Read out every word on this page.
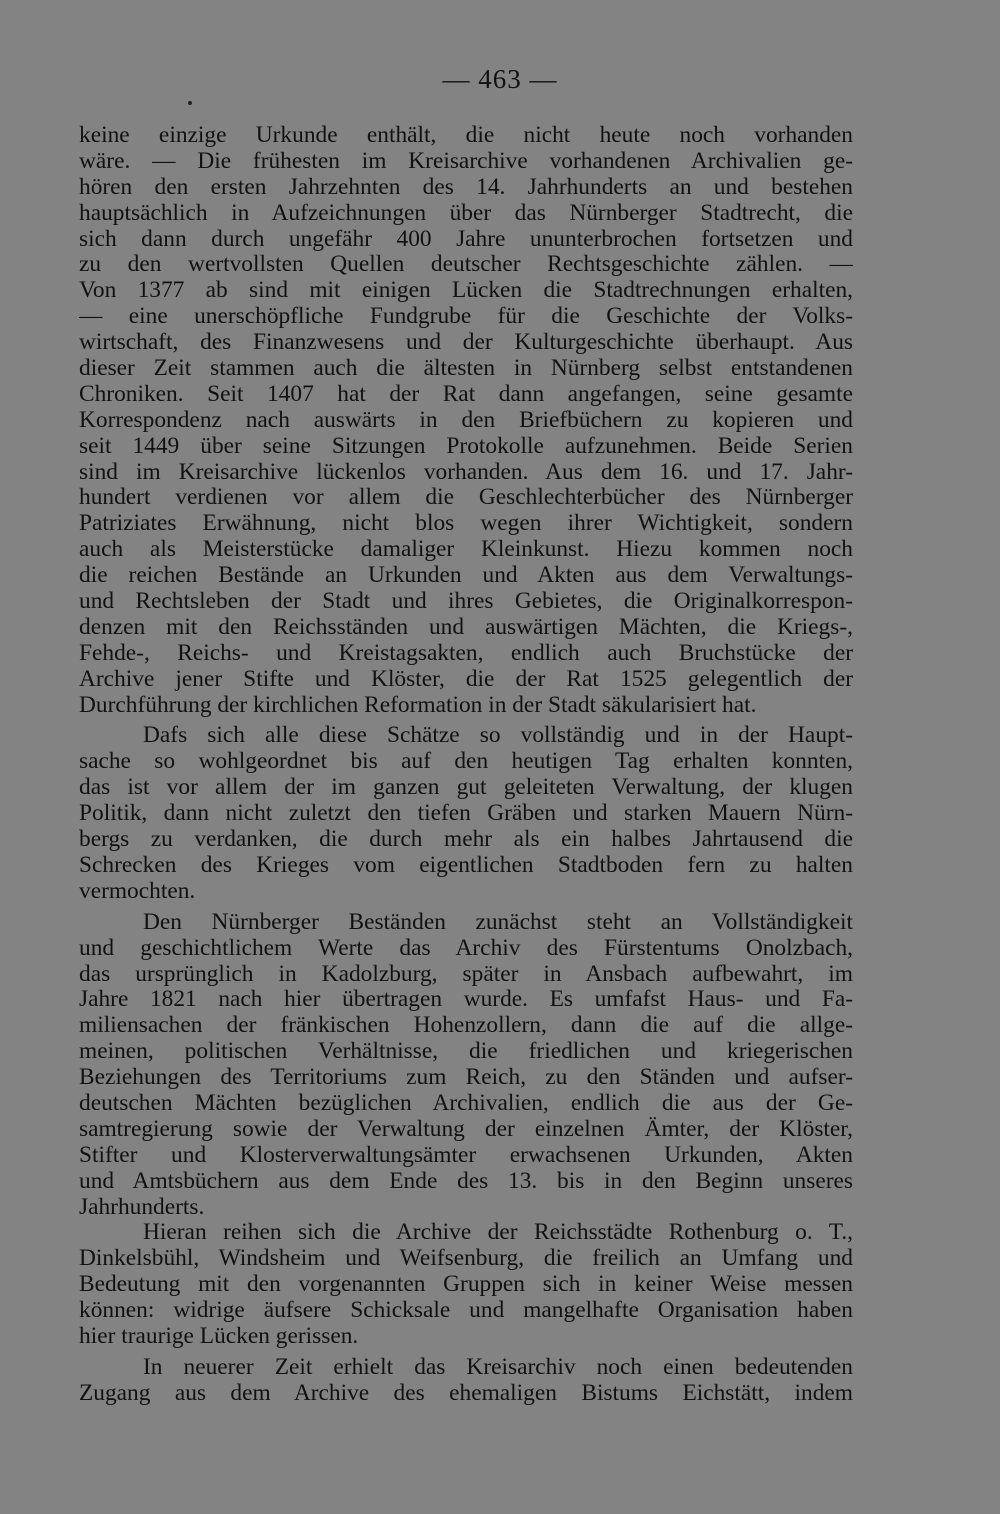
— 463 —
keine einzige Urkunde enthält, die nicht heute noch vorhanden
wäre. — Die frühesten im Kreisarchive vorhandenen Archivalien ge-
hören den ersten Jahrzehnten des 14. Jahrhunderts an und bestehen
hauptsächlich in Aufzeichnungen über das Nürnberger Stadtrecht, die
sich dann durch ungefähr 400 Jahre ununterbrochen fortsetzen und
zu den wertvollsten Quellen deutscher Rechtsgeschichte zählen. —
Von 1377 ab sind mit einigen Lücken die Stadtrechnungen erhalten,
— eine unerschöpfliche Fundgrube für die Geschichte der Volks-
wirtschaft, des Finanzwesens und der Kulturgeschichte überhaupt. Aus
dieser Zeit stammen auch die ältesten in Nürnberg selbst entstandenen
Chroniken. Seit 1407 hat der Rat dann angefangen, seine gesamte
Korrespondenz nach auswärts in den Briefbüchern zu kopieren und
seit 1449 über seine Sitzungen Protokolle aufzunehmen. Beide Serien
sind im Kreisarchive lückenlos vorhanden. Aus dem 16. und 17. Jahr-
hundert verdienen vor allem die Geschlechterbücher des Nürnberger
Patriziates Erwähnung, nicht blos wegen ihrer Wichtigkeit, sondern
auch als Meisterstücke damaliger Kleinkunst. Hiezu kommen noch
die reichen Bestände an Urkunden und Akten aus dem Verwaltungs-
und Rechtsleben der Stadt und ihres Gebietes, die Originalkorrespon-
denzen mit den Reichsständen und auswärtigen Mächten, die Kriegs-,
Fehde-, Reichs- und Kreistagsakten, endlich auch Bruchstücke der
Archive jener Stifte und Klöster, die der Rat 1525 gelegentlich der
Durchführung der kirchlichen Reformation in der Stadt säkularisiert hat.
Dafs sich alle diese Schätze so vollständig und in der Haupt-
sache so wohlgeordnet bis auf den heutigen Tag erhalten konnten,
das ist vor allem der im ganzen gut geleiteten Verwaltung, der klugen
Politik, dann nicht zuletzt den tiefen Gräben und starken Mauern Nürn-
bergs zu verdanken, die durch mehr als ein halbes Jahrtausend die
Schrecken des Krieges vom eigentlichen Stadtboden fern zu halten
vermochten.
Den Nürnberger Beständen zunächst steht an Vollständigkeit
und geschichtlichem Werte das Archiv des Fürstentums Onolzbach,
das ursprünglich in Kadolzburg, später in Ansbach aufbewahrt, im
Jahre 1821 nach hier übertragen wurde. Es umfafst Haus- und Fa-
miliensachen der fränkischen Hohenzollern, dann die auf die allge-
meinen, politischen Verhältnisse, die friedlichen und kriegerischen
Beziehungen des Territoriums zum Reich, zu den Ständen und aufser-
deutschen Mächten bezüglichen Archivalien, endlich die aus der Ge-
samtregierung sowie der Verwaltung der einzelnen Ämter, der Klöster,
Stifter und Klosterverwaltungsämter erwachsenen Urkunden, Akten
und Amtsbüchern aus dem Ende des 13. bis in den Beginn unseres
Jahrhunderts.
Hieran reihen sich die Archive der Reichsstädte Rothenburg o. T.,
Dinkelsbühl, Windsheim und Weifsenburg, die freilich an Umfang und
Bedeutung mit den vorgenannten Gruppen sich in keiner Weise messen
können: widrige äufsere Schicksale und mangelhafte Organisation haben
hier traurige Lücken gerissen.
In neuerer Zeit erhielt das Kreisarchiv noch einen bedeutenden
Zugang aus dem Archive des ehemaligen Bistums Eichstätt, indem
